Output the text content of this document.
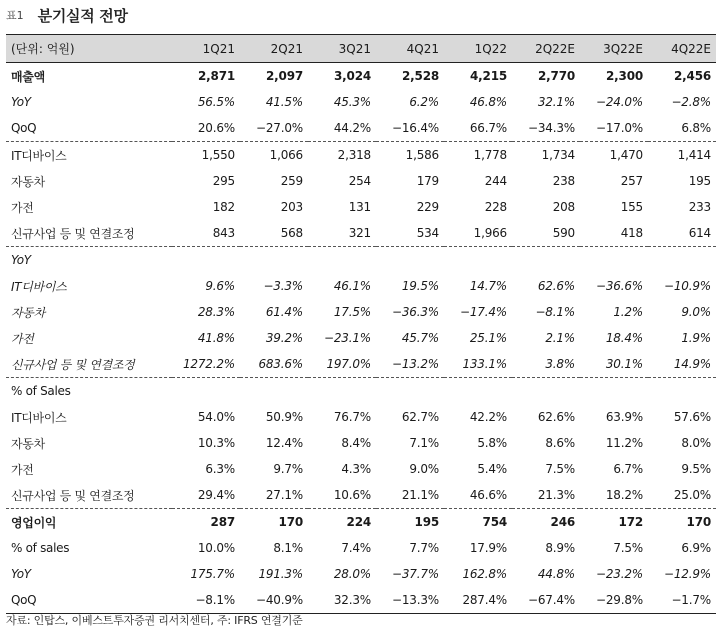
표1 분기실적 전망
(단위: 억원)	1Q21	2Q21	3Q21	4Q21	1Q22	2Q22E	3Q22E	4Q22E
매출액	2,871	2,097	3,024	2,528	4,215	2,770	2,300	2,456
YoY	56.5%	41.5%	45.3%	6.2%	46.8%	32.1%	−24.0%	−2.8%
QoQ	20.6%	−27.0%	44.2%	−16.4%	66.7%	−34.3%	−17.0%	6.8%
IT디바이스	1,550	1,066	2,318	1,586	1,778	1,734	1,470	1,414
자동차	295	259	254	179	244	238	257	195
가전	182	203	131	229	228	208	155	233
신규사업 등 및 연결조정	843	568	321	534	1,966	590	418	614
YoY								
IT디바이스	9.6%	−3.3%	46.1%	19.5%	14.7%	62.6%	−36.6%	−10.9%
자동차	28.3%	61.4%	17.5%	−36.3%	−17.4%	−8.1%	1.2%	9.0%
가전	41.8%	39.2%	−23.1%	45.7%	25.1%	2.1%	18.4%	1.9%
신규사업 등 및 연결조정	1272.2%	683.6%	197.0%	−13.2%	133.1%	3.8%	30.1%	14.9%
% of Sales								
IT디바이스	54.0%	50.9%	76.7%	62.7%	42.2%	62.6%	63.9%	57.6%
자동차	10.3%	12.4%	8.4%	7.1%	5.8%	8.6%	11.2%	8.0%
가전	6.3%	9.7%	4.3%	9.0%	5.4%	7.5%	6.7%	9.5%
신규사업 등 및 연결조정	29.4%	27.1%	10.6%	21.1%	46.6%	21.3%	18.2%	25.0%
영업이익	287	170	224	195	754	246	172	170
% of sales	10.0%	8.1%	7.4%	7.7%	17.9%	8.9%	7.5%	6.9%
YoY	175.7%	191.3%	28.0%	−37.7%	162.8%	44.8%	−23.2%	−12.9%
QoQ	−8.1%	−40.9%	32.3%	−13.3%	287.4%	−67.4%	−29.8%	−1.7%
자료: 인탑스, 이베스트투자증권 리서치센터, 주: IFRS 연결기준
